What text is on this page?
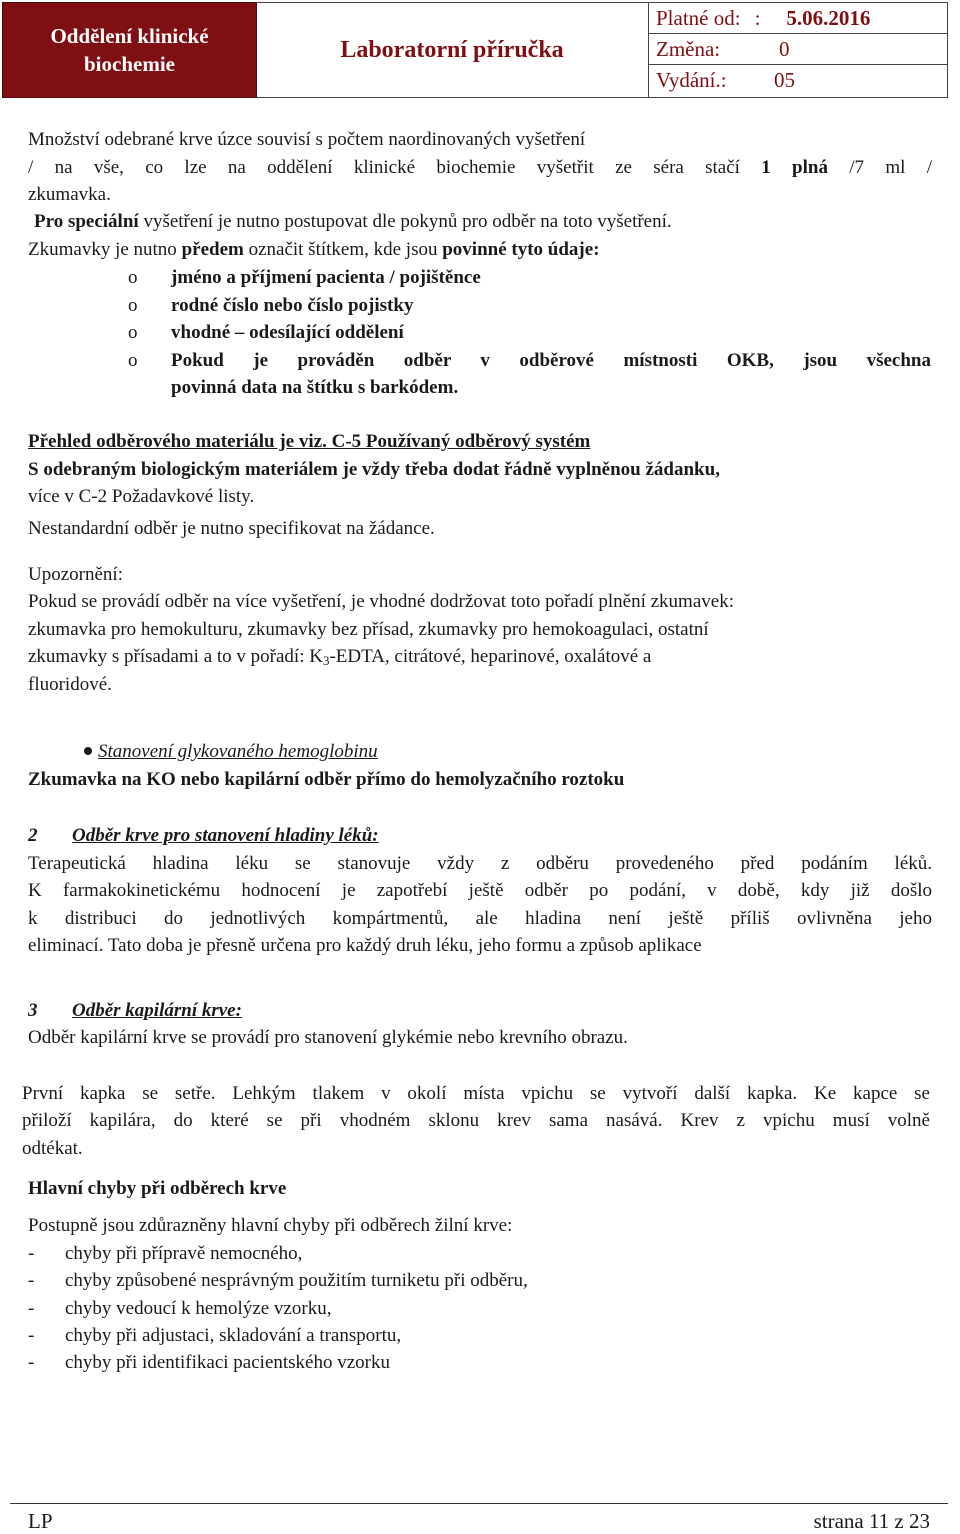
Oddělení klinické biochemie
Laboratorní příručka
Platné od: : 5.06.2016
Změna:	0
Vydání.:	05

Množství odebrané krve úzce souvisí s počtem naordinovaných vyšetření

/ na vše, co lze na oddělení klinické biochemie vyšetřit ze séra stačí 1 plná /7 ml /

zkumavka.

Pro speciální vyšetření je nutno postupovat dle pokynů pro odběr na toto vyšetření.

Zkumavky je nutno předem označit štítkem, kde jsou povinné tyto údaje:

o jméno a příjmení pacienta / pojištěnce

o rodné číslo nebo číslo pojistky

o vhodné – odesílající oddělení

o Pokud je prováděn odběr v odběrové místnosti OKB, jsou všechna

povinná data na štítku s barkódem.

Přehled odběrového materiálu je viz. C-5 Používaný odběrový systém

S odebraným biologickým materiálem je vždy třeba dodat řádně vyplněnou žádanku,

více v C-2 Požadavkové listy.

Nestandardní odběr je nutno specifikovat na žádance.

Upozornění:

Pokud se provádí odběr na více vyšetření, je vhodné dodržovat toto pořadí plnění zkumavek:

zkumavka pro hemokulturu, zkumavky bez přísad, zkumavky pro hemokoagulaci, ostatní

zkumavky s přísadami a to v pořadí: $K_3$-EDTA, citrátové, heparinové, oxalátové a

fluoridové.

Stanovení glykovaného hemoglobinu

Zkumavka na KO nebo kapilární odběr přímo do hemolyzačního roztoku

2 Odběr krve pro stanovení hladiny léků:

Terapeutická hladina léku se stanovuje vždy z odběru provedeného před podáním léků.

K farmakokinetickému hodnocení je zapotřebí ještě odběr po podání, v době, kdy již došlo

k distribuci do jednotlivých kompártmentů, ale hladina není ještě příliš ovlivněna jeho

eliminací. Tato doba je přesně určena pro každý druh léku, jeho formu a způsob aplikace

3 Odběr kapilární krve:

Odběr kapilární krve se provádí pro stanovení glykémie nebo krevního obrazu.

První kapka se setře. Lehkým tlakem v okolí místa vpichu se vytvoří další kapka. Ke kapce se

přiloží kapilára, do které se při vhodném sklonu krev sama nasává. Krev z vpichu musí volně

odtékat.

Hlavní chyby při odběrech krve

Postupně jsou zdůrazněny hlavní chyby při odběrech žilní krve:

- chyby při přípravě nemocného,

- chyby způsobené nesprávným použitím turniketu při odběru,

- chyby vedoucí k hemolýze vzorku,

- chyby při adjustaci, skladování a transportu,

- chyby při identifikaci pacientského vzorku

LP	strana 11 z 23
